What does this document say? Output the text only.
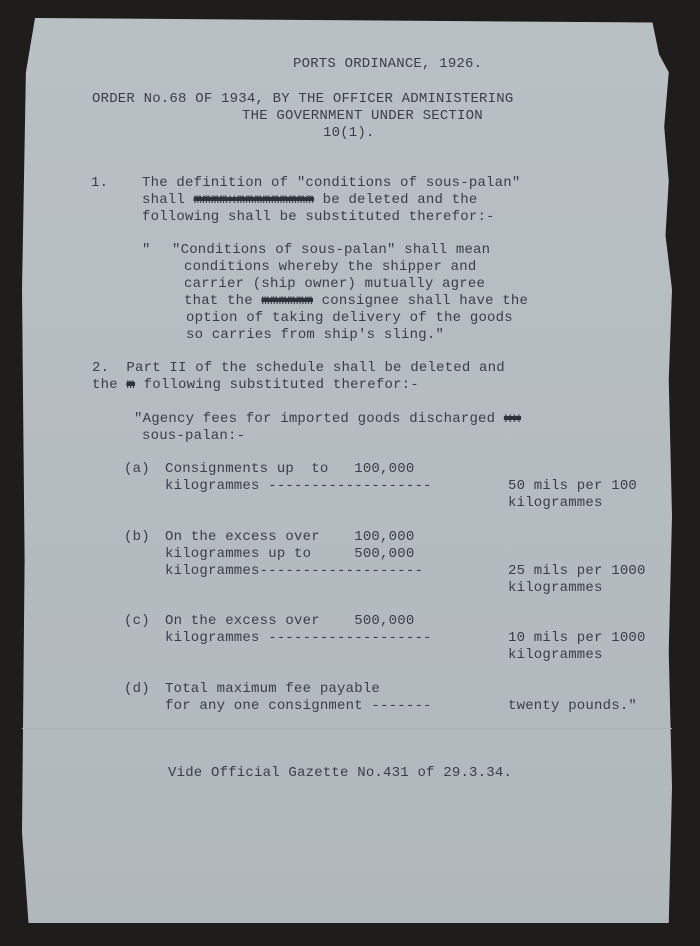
PORTS ORDINANCE, 1926.
ORDER No.68 OF 1934, BY THE OFFICER ADMINISTERING
THE GOVERNMENT UNDER SECTION
10(1).
1. The definition of "conditions of sous-palan"
shall mmmmxmmmmmmmmm be deleted and the
following shall be substituted therefor:-
" "Conditions of sous-palan" shall mean
conditions whereby the shipper and
carrier (ship owner) mutually agree
that the mmmmmm consignee shall have the
option of taking delivery of the goods
so carries from ship's sling."
2.  Part II of the schedule shall be deleted and
the m following substituted therefor:-
"Agency fees for imported goods discharged xx
sous-palan:-
(a) Consignments up  to   100,000
kilogrammes -------------------	50 mils per 100
kilogrammes
(b) On the excess over    100,000
kilogrammes up to     500,000
kilogrammes-------------------	25 mils per 1000
kilogrammes
(c) On the excess over    500,000
kilogrammes -------------------	10 mils per 1000
kilogrammes
(d) Total maximum fee payable
for any one consignment -------	twenty pounds."
Vide Official Gazette No.431 of 29.3.34.
